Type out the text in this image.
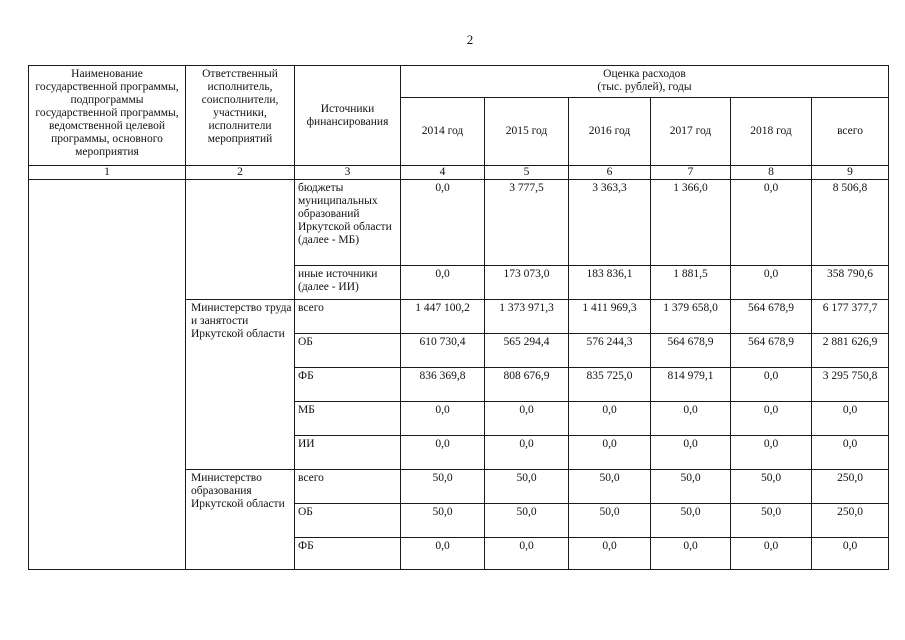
2
Наименование государственной программы, подпрограммы государственной программы, ведомственной целевой программы, основного мероприятия	Ответственный исполнитель, соисполнители, участники, исполнители мероприятий	Источники финансирования	Оценка расходов
(тыс. рублей), годы					

			2014 год	2015 год	2016 год	2017 год	2018 год	всего
1	2	3	4	5	6	7	8	9
		бюджеты муниципальных образований Иркутской области (далее - МБ)	0,0	3 777,5	3 363,3	1 366,0	0,0	8 506,8
		иные источники (далее - ИИ)	0,0	173 073,0	183 836,1	1 881,5	0,0	358 790,6
	Министерство труда и занятости Иркутской области	всего	1 447 100,2	1 373 971,3	1 411 969,3	1 379 658,0	564 678,9	6 177 377,7
		ОБ	610 730,4	565 294,4	576 244,3	564 678,9	564 678,9	2 881 626,9
		ФБ	836 369,8	808 676,9	835 725,0	814 979,1	0,0	3 295 750,8
		МБ	0,0	0,0	0,0	0,0	0,0	0,0
		ИИ	0,0	0,0	0,0	0,0	0,0	0,0
	Министерство образования Иркутской области	всего	50,0	50,0	50,0	50,0	50,0	250,0
		ОБ	50,0	50,0	50,0	50,0	50,0	250,0
		ФБ	0,0	0,0	0,0	0,0	0,0	0,0
